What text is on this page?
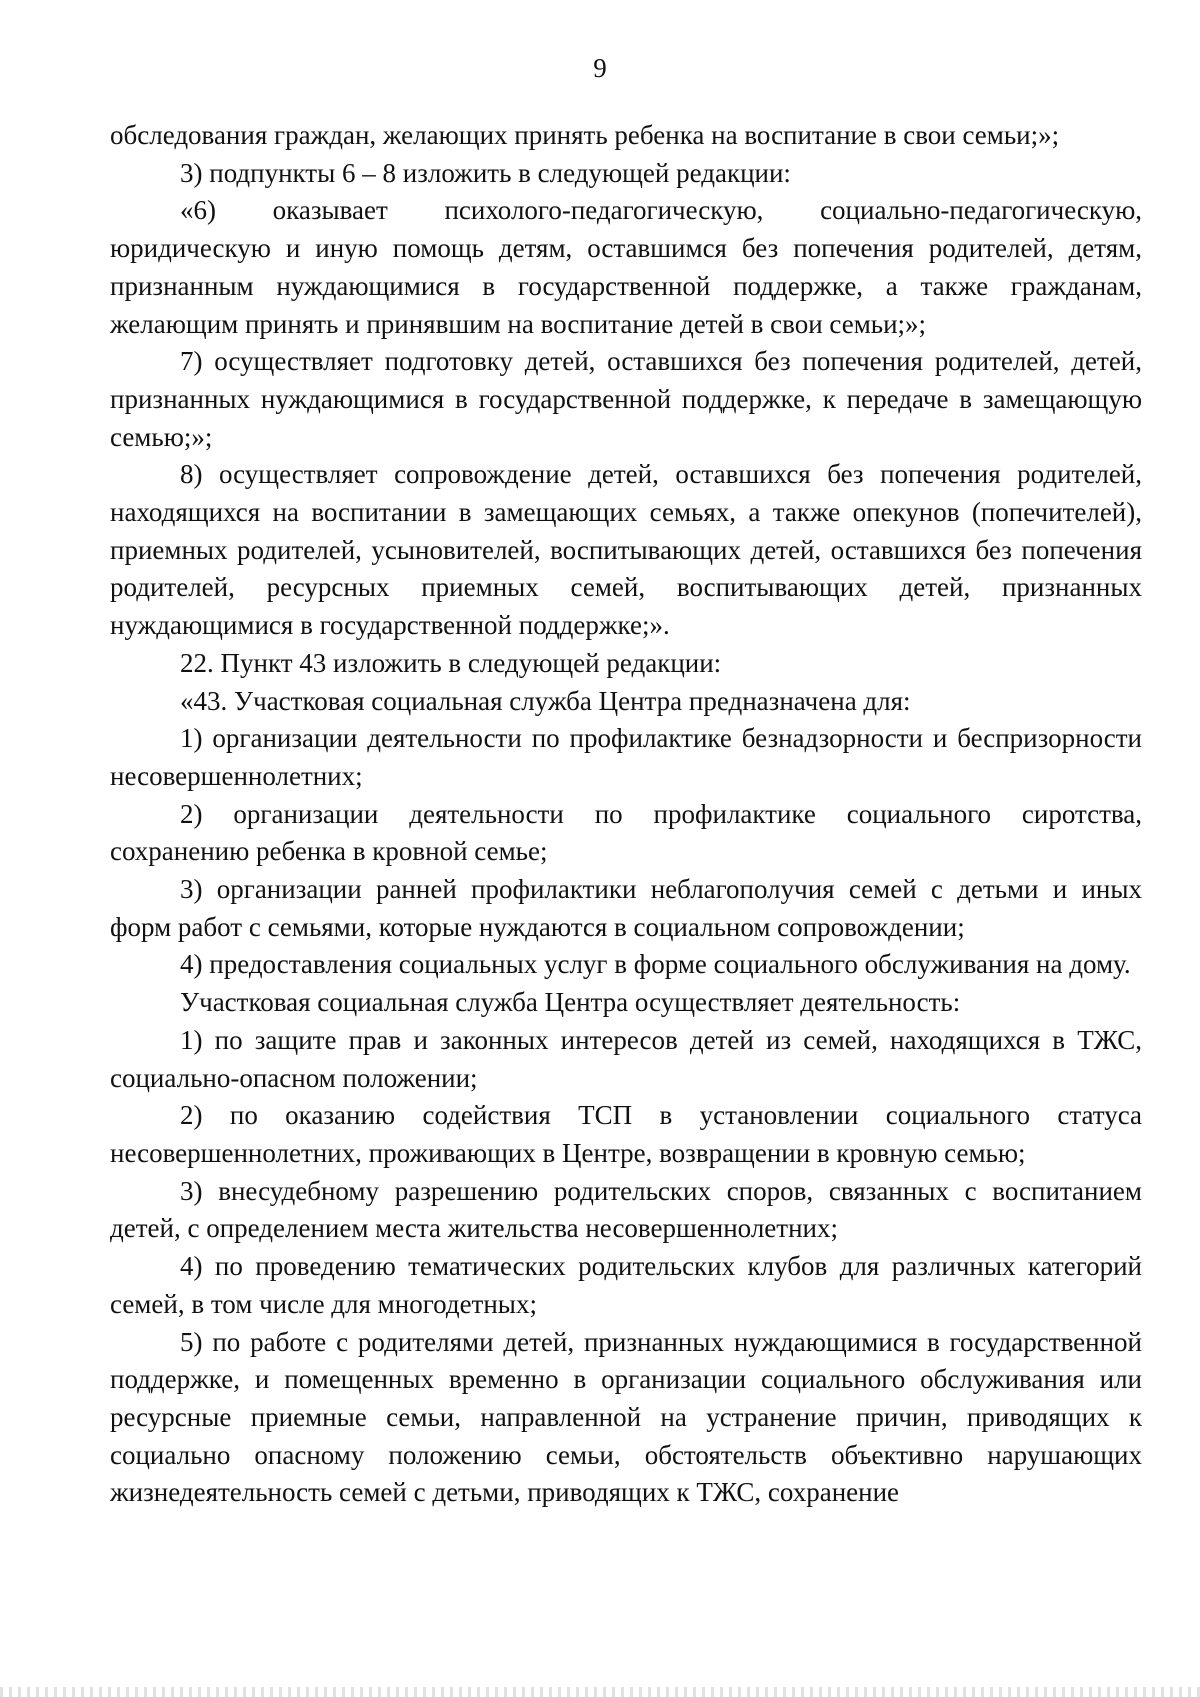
9

обследования граждан, желающих принять ребенка на воспитание в свои семьи;»;

3) подпункты 6 – 8 изложить в следующей редакции:

«6) оказывает психолого-педагогическую, социально-педагогическую, юридическую и иную помощь детям, оставшимся без попечения родителей, детям, признанным нуждающимися в государственной поддержке, а также гражданам, желающим принять и принявшим на воспитание детей в свои семьи;»;

7) осуществляет подготовку детей, оставшихся без попечения родителей, детей, признанных нуждающимися в государственной поддержке, к передаче в замещающую семью;»;

8) осуществляет сопровождение детей, оставшихся без попечения родителей, находящихся на воспитании в замещающих семьях, а также опекунов (попечителей), приемных родителей, усыновителей, воспитывающих детей, оставшихся без попечения родителей, ресурсных приемных семей, воспитывающих детей, признанных нуждающимися в государственной поддержке;».

22. Пункт 43 изложить в следующей редакции:

«43. Участковая социальная служба Центра предназначена для:

1) организации деятельности по профилактике безнадзорности и беспризорности несовершеннолетних;

2) организации деятельности по профилактике социального сиротства, сохранению ребенка в кровной семье;

3) организации ранней профилактики неблагополучия семей с детьми и иных форм работ с семьями, которые нуждаются в социальном сопровождении;

4) предоставления социальных услуг в форме социального обслуживания на дому.

Участковая социальная служба Центра осуществляет деятельность:

1) по защите прав и законных интересов детей из семей, находящихся в ТЖС, социально-опасном положении;

2) по оказанию содействия ТСП в установлении социального статуса несовершеннолетних, проживающих в Центре, возвращении в кровную семью;

3) внесудебному разрешению родительских споров, связанных с воспитанием детей, с определением места жительства несовершеннолетних;

4) по проведению тематических родительских клубов для различных категорий семей, в том числе для многодетных;

5) по работе с родителями детей, признанных нуждающимися в государственной поддержке, и помещенных временно в организации социального обслуживания или ресурсные приемные семьи, направленной на устранение причин, приводящих к социально опасному положению семьи, обстоятельств объективно нарушающих жизнедеятельность семей с детьми, приводящих к ТЖС, сохранение
